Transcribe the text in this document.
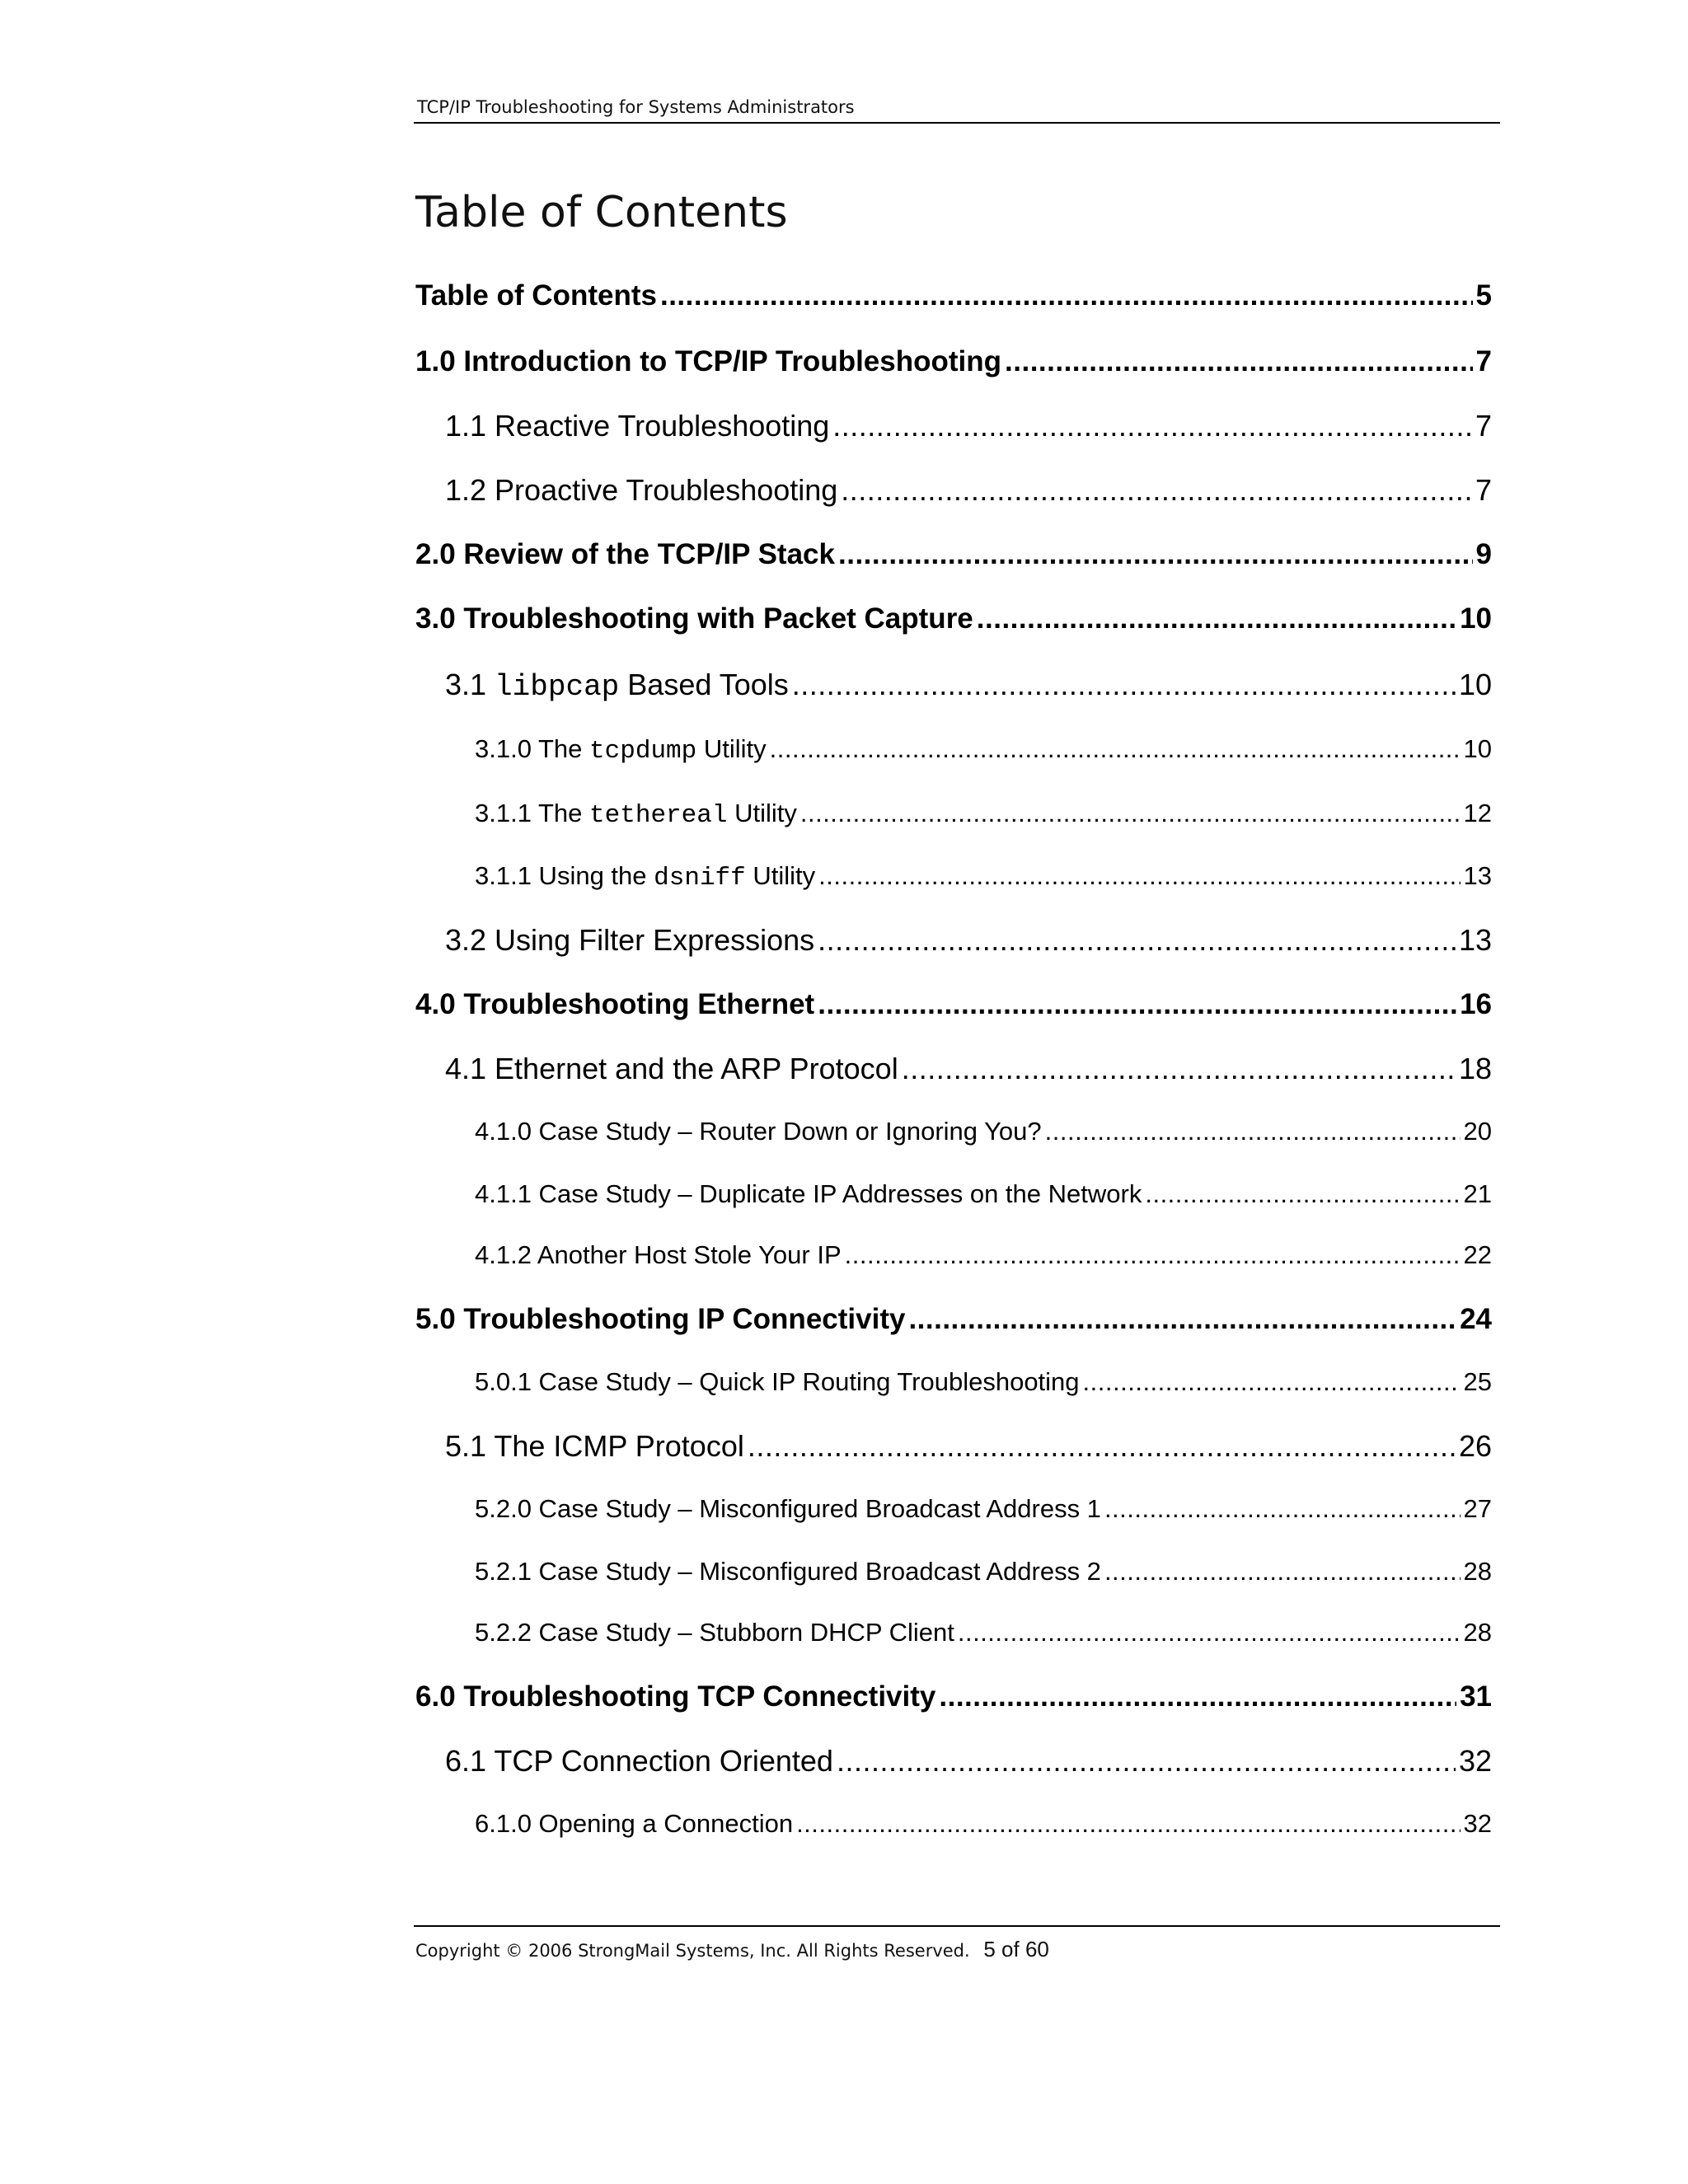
TCP/IP Troubleshooting for Systems Administrators
Table of Contents
Table of Contents .....	5
1.0 Introduction to TCP/IP Troubleshooting .....	7
1.1 Reactive Troubleshooting .....	7
1.2 Proactive Troubleshooting .....	7
2.0 Review of the TCP/IP Stack .....	9
3.0 Troubleshooting with Packet Capture .....	10
3.1 libpcap Based Tools .....	10
3.1.0 The tcpdump Utility .....	10
3.1.1 The tethereal Utility .....	12
3.1.1 Using the dsniff Utility .....	13
3.2 Using Filter Expressions .....	13
4.0 Troubleshooting Ethernet .....	16
4.1 Ethernet and the ARP Protocol .....	18
4.1.0 Case Study – Router Down or Ignoring You? .....	20
4.1.1 Case Study – Duplicate IP Addresses on the Network .....	21
4.1.2 Another Host Stole Your IP .....	22
5.0 Troubleshooting IP Connectivity .....	24
5.0.1 Case Study – Quick IP Routing Troubleshooting .....	25
5.1 The ICMP Protocol .....	26
5.2.0 Case Study – Misconfigured Broadcast Address 1 .....	27
5.2.1 Case Study – Misconfigured Broadcast Address 2 .....	28
5.2.2 Case Study – Stubborn DHCP Client .....	28
6.0 Troubleshooting TCP Connectivity .....	31
6.1 TCP Connection Oriented .....	32
6.1.0 Opening a Connection .....	32
Copyright © 2006 StrongMail Systems, Inc. All Rights Reserved. 5 of 60
